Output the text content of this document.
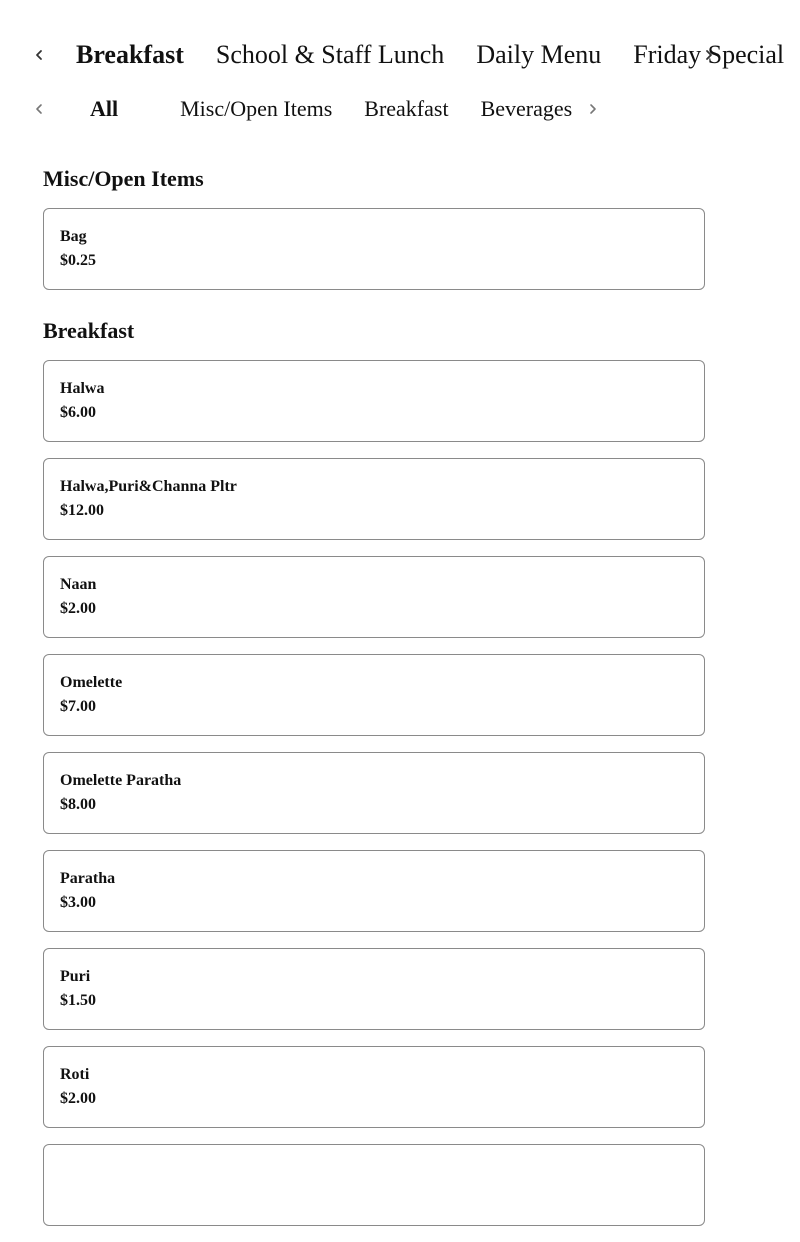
Breakfast	School & Staff Lunch	Daily Menu	Friday Special
All	Misc/Open Items	Breakfast	Beverages
Misc/Open Items
Bag
$0.25
Breakfast
Halwa
$6.00
Halwa,Puri&Channa Pltr
$12.00
Naan
$2.00
Omelette
$7.00
Omelette Paratha
$8.00
Paratha
$3.00
Puri
$1.50
Roti
$2.00
